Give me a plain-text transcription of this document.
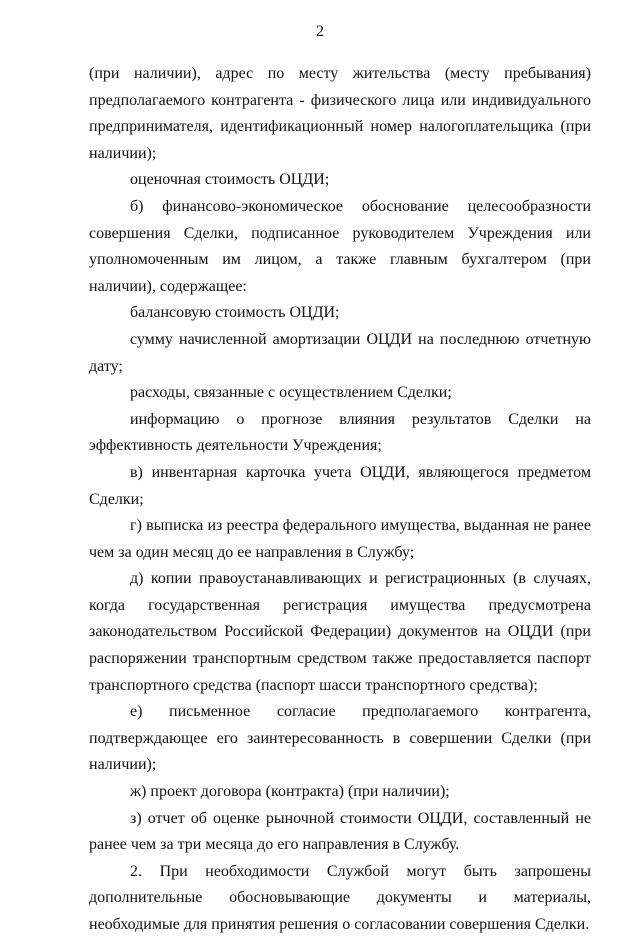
2

(при наличии), адрес по месту жительства (месту пребывания) предполагаемого контрагента - физического лица или индивидуального предпринимателя, идентификационный номер налогоплательщика (при наличии);

оценочная стоимость ОЦДИ;

б) финансово-экономическое обоснование целесообразности совершения Сделки, подписанное руководителем Учреждения или уполномоченным им лицом, а также главным бухгалтером (при наличии), содержащее:

балансовую стоимость ОЦДИ;

сумму начисленной амортизации ОЦДИ на последнюю отчетную дату;

расходы, связанные с осуществлением Сделки;

информацию о прогнозе влияния результатов Сделки на эффективность деятельности Учреждения;

в) инвентарная карточка учета ОЦДИ, являющегося предметом Сделки;

г) выписка из реестра федерального имущества, выданная не ранее чем за один месяц до ее направления в Службу;

д) копии правоустанавливающих и регистрационных (в случаях, когда государственная регистрация имущества предусмотрена законодательством Российской Федерации) документов на ОЦДИ (при распоряжении транспортным средством также предоставляется паспорт транспортного средства (паспорт шасси транспортного средства);

е) письменное согласие предполагаемого контрагента, подтверждающее его заинтересованность в совершении Сделки (при наличии);

ж) проект договора (контракта) (при наличии);

з) отчет об оценке рыночной стоимости ОЦДИ, составленный не ранее чем за три месяца до его направления в Службу.

2. При необходимости Службой могут быть запрошены дополнительные обосновывающие документы и материалы, необходимые для принятия решения о согласовании совершения Сделки.
